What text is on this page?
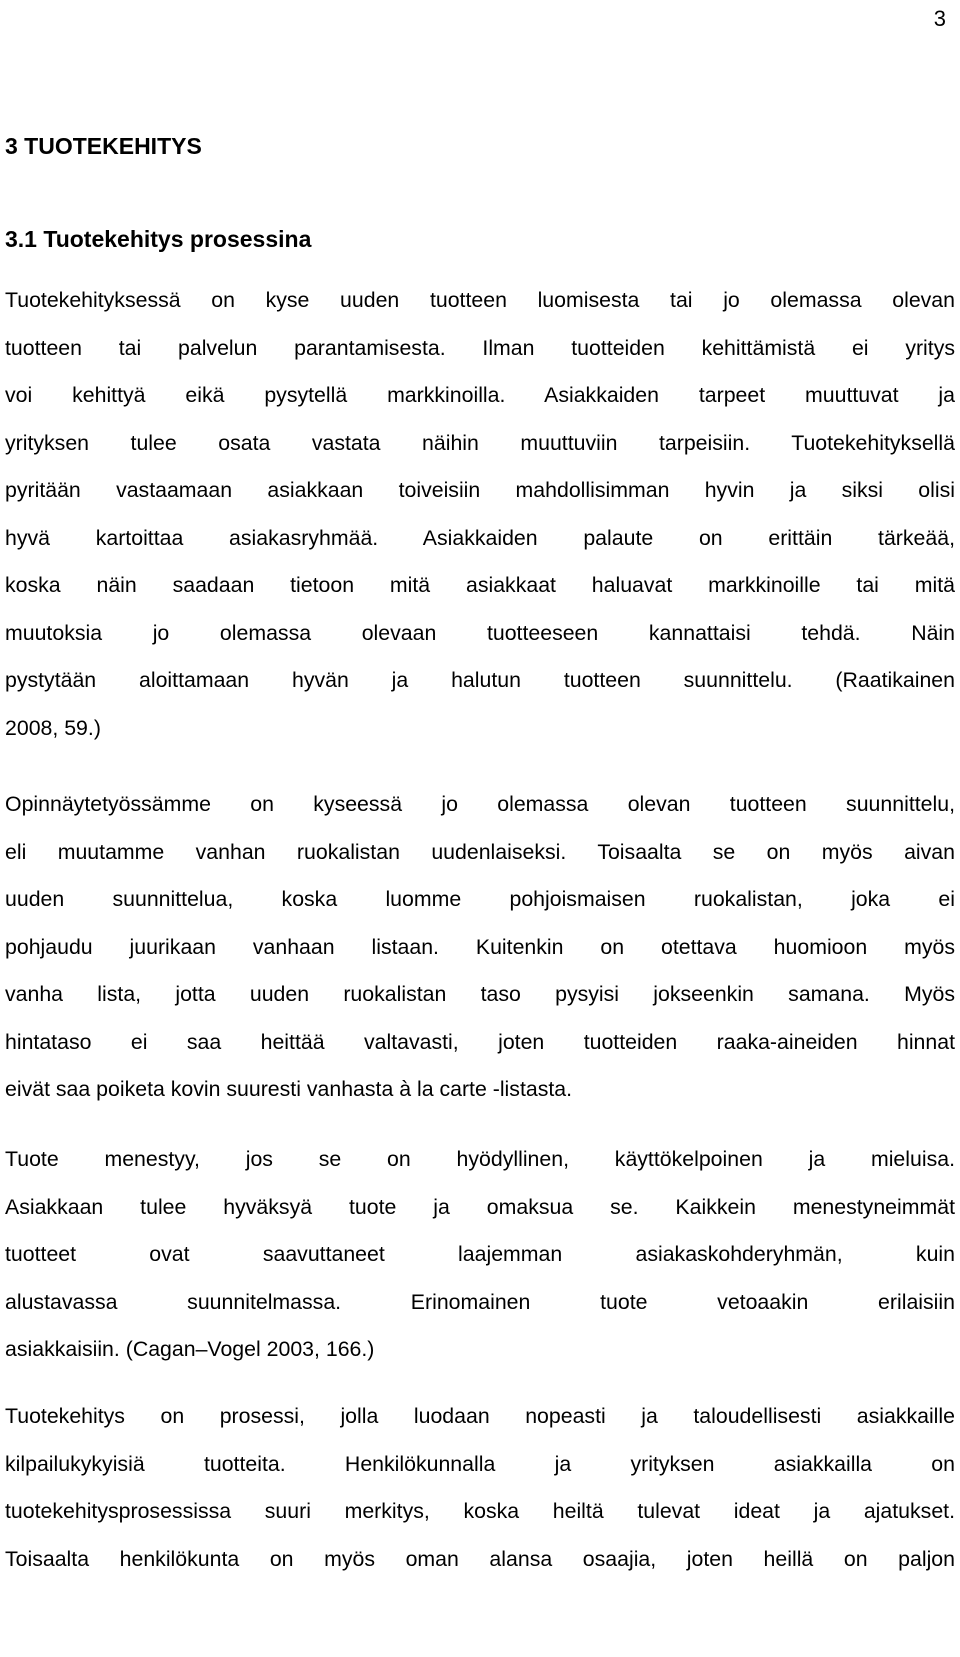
3
3 TUOTEKEHITYS
3.1 Tuotekehitys prosessina
Tuotekehityksessä on kyse uuden tuotteen luomisesta tai jo olemassa olevan
tuotteen tai palvelun parantamisesta. Ilman tuotteiden kehittämistä ei yritys
voi kehittyä eikä pysytellä markkinoilla. Asiakkaiden tarpeet muuttuvat ja
yrityksen tulee osata vastata näihin muuttuviin tarpeisiin. Tuotekehityksellä
pyritään vastaamaan asiakkaan toiveisiin mahdollisimman hyvin ja siksi olisi
hyvä kartoittaa asiakasryhmää. Asiakkaiden palaute on erittäin tärkeää,
koska näin saadaan tietoon mitä asiakkaat haluavat markkinoille tai mitä
muutoksia jo olemassa olevaan tuotteeseen kannattaisi tehdä. Näin
pystytään aloittamaan hyvän ja halutun tuotteen suunnittelu. (Raatikainen
2008, 59.)
Opinnäytetyössämme on kyseessä jo olemassa olevan tuotteen suunnittelu,
eli muutamme vanhan ruokalistan uudenlaiseksi. Toisaalta se on myös aivan
uuden suunnittelua, koska luomme pohjoismaisen ruokalistan, joka ei
pohjaudu juurikaan vanhaan listaan. Kuitenkin on otettava huomioon myös
vanha lista, jotta uuden ruokalistan taso pysyisi jokseenkin samana. Myös
hintataso ei saa heittää valtavasti, joten tuotteiden raaka-aineiden hinnat
eivät saa poiketa kovin suuresti vanhasta à la carte -listasta.
Tuote menestyy, jos se on hyödyllinen, käyttökelpoinen ja mieluisa.
Asiakkaan tulee hyväksyä tuote ja omaksua se. Kaikkein menestyneimmät
tuotteet ovat saavuttaneet laajemman asiakaskohderyhmän, kuin
alustavassa suunnitelmassa. Erinomainen tuote vetoaakin erilaisiin
asiakkaisiin. (Cagan–Vogel 2003, 166.)
Tuotekehitys on prosessi, jolla luodaan nopeasti ja taloudellisesti asiakkaille
kilpailukykyisiä tuotteita. Henkilökunnalla ja yrityksen asiakkailla on
tuotekehitysprosessissa suuri merkitys, koska heiltä tulevat ideat ja ajatukset.
Toisaalta henkilökunta on myös oman alansa osaajia, joten heillä on paljon
